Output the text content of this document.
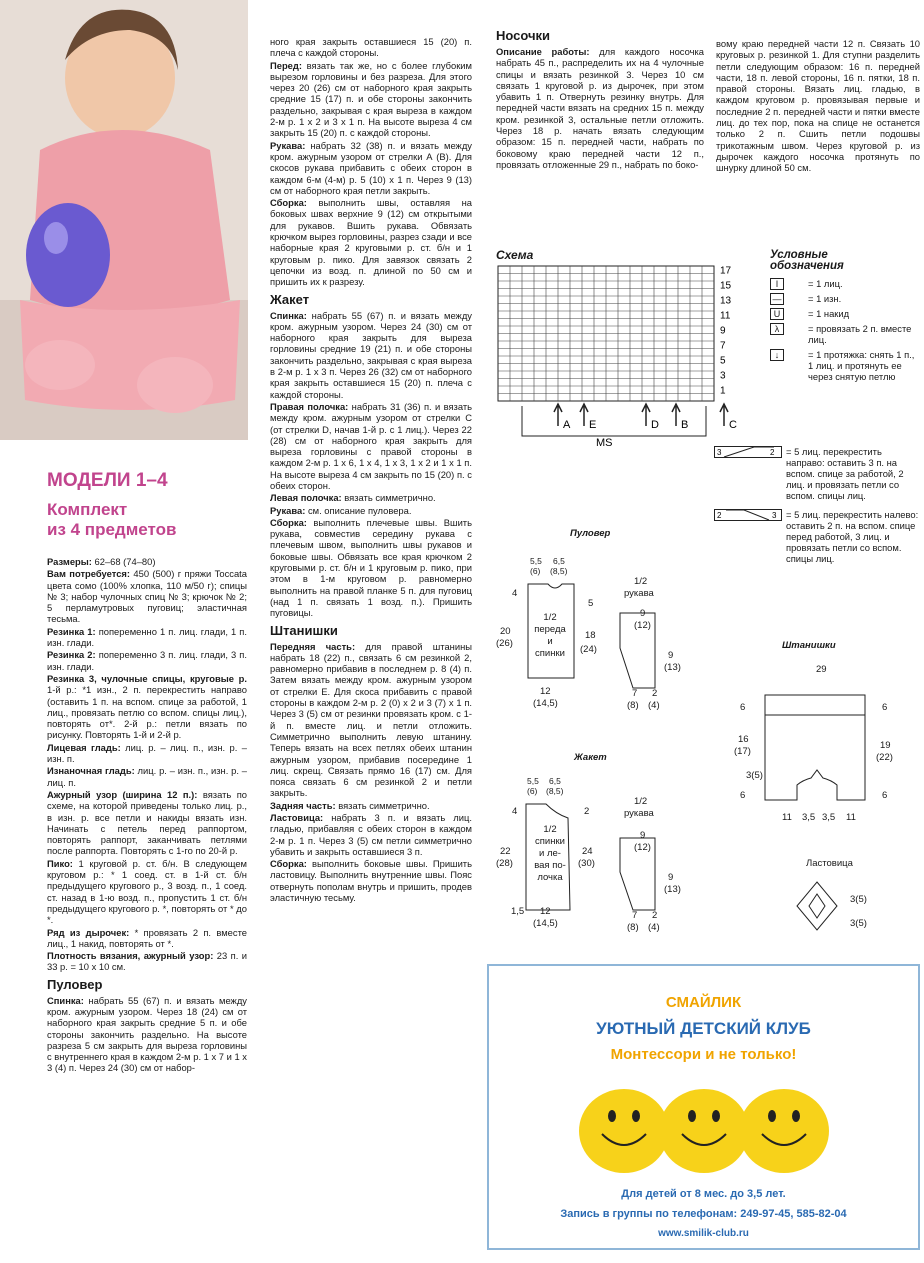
МОДЕЛИ 1–4
Комплект
из 4 предметов

Размеры: 62–68 (74–80)

Вам потребуется: 450 (500) г пряжи Toccata цвета сомо (100% хлопка, 110 м/50 г); спицы № 3; набор чулочных спиц № 3; крючок № 2; 5 перламутровых пуговиц; эластичная тесьма.

Резинка 1: попеременно 1 п. лиц. глади, 1 п. изн. глади.

Резинка 2: попеременно 3 п. лиц. глади, 3 п. изн. глади.

Резинка 3, чулочные спицы, круговые р. 1-й р.: *1 изн., 2 п. перекрестить направо (оставить 1 п. на вспом. спице за работой, 1 лиц., провязать петлю со вспом. спицы лиц.), повторять от*. 2-й р.: петли вязать по рисунку. Повторять 1-й и 2-й р.

Лицевая гладь: лиц. р. – лиц. п., изн. р. – изн. п.

Изнаночная гладь: лиц. р. – изн. п., изн. р. – лиц. п.

Ажурный узор (ширина 12 п.): вязать по схеме, на которой приведены только лиц. р., в изн. р. все петли и накиды вязать изн. Начинать с петель перед раппортом, повторять раппорт, заканчивать петлями после раппорта. Повторять с 1-го по 20-й р.

Пико: 1 круговой р. ст. б/н. В следующем круговом р.: * 1 соед. ст. в 1-й ст. б/н предыдущего кругового р., 3 возд. п., 1 соед. ст. назад в 1-ю возд. п., пропустить 1 ст. б/н предыдущего кругового р. *, повторять от * до *.

Ряд из дырочек: * провязать 2 п. вместе лиц., 1 накид, повторять от *.

Плотность вязания, ажурный узор: 23 п. и 33 р. = 10 х 10 см.

Пуловер

Спинка: набрать 55 (67) п. и вязать между кром. ажурным узором. Через 18 (24) см от наборного края закрыть средние 5 п. и обе стороны закончить раздельно. На высоте разреза 5 см закрыть для выреза горловины с внутреннего края в каждом 2-м р. 1 х 7 и 1 х 3 (4) п. Через 24 (30) см от набор-

ного края закрыть оставшиеся 15 (20) п. плеча с каждой стороны.

Перед: вязать так же, но с более глубоким вырезом горловины и без разреза. Для этого через 20 (26) см от наборного края закрыть средние 15 (17) п. и обе стороны закончить раздельно, закрывая с края выреза в каждом 2-м р. 1 х 2 и 3 х 1 п. На высоте выреза 4 см закрыть 15 (20) п. с каждой стороны.

Рукава: набрать 32 (38) п. и вязать между кром. ажурным узором от стрелки А (В). Для скосов рукава прибавить с обеих сторон в каждом 6-м (4-м) р. 5 (10) х 1 п. Через 9 (13) см от наборного края петли закрыть.

Сборка: выполнить швы, оставляя на боковых швах верхние 9 (12) см открытыми для рукавов. Вшить рукава. Обвязать крючком вырез горловины, разрез сзади и все наборные края 2 круговыми р. ст. б/н и 1 круговым р. пико. Для завязок связать 2 цепочки из возд. п. длиной по 50 см и пришить их к разрезу.

Жакет

Спинка: набрать 55 (67) п. и вязать между кром. ажурным узором. Через 24 (30) см от наборного края закрыть для выреза горловины средние 19 (21) п. и обе стороны закончить раздельно, закрывая с края выреза в 2-м р. 1 х 3 п. Через 26 (32) см от наборного края закрыть оставшиеся 15 (20) п. плеча с каждой стороны.

Правая полочка: набрать 31 (36) п. и вязать между кром. ажурным узором от стрелки С (от стрелки D, начав 1-й р. с 1 лиц.). Через 22 (28) см от наборного края закрыть для выреза горловины с правой стороны в каждом 2-м р. 1 х 6, 1 х 4, 1 х 3, 1 х 2 и 1 х 1 п. На высоте выреза 4 см закрыть по 15 (20) п. с обеих сторон.

Левая полочка: вязать симметрично.

Рукава: см. описание пуловера.

Сборка: выполнить плечевые швы. Вшить рукава, совместив середину рукава с плечевым швом, выполнить швы рукавов и боковые швы. Обвязать все края крючком 2 круговыми р. ст. б/н и 1 круговым р. пико, при этом в 1-м круговом р. равномерно выполнить на правой планке 5 п. для пуговиц (над 1 п. связать 1 возд. п.). Пришить пуговицы.

Штанишки

Передняя часть: для правой штанины набрать 18 (22) п., связать 6 см резинкой 2, равномерно прибавив в последнем р. 8 (4) п. Затем вязать между кром. ажурным узором от стрелки Е. Для скоса прибавить с правой стороны в каждом 2-м р. 2 (0) х 2 и 3 (7) х 1 п. Через 3 (5) см от резинки провязать кром. с 1-й п. вместе лиц. и петли отложить. Симметрично выполнить левую штанину. Теперь вязать на всех петлях обеих штанин ажурным узором, прибавив посередине 1 лиц. скрещ. Связать прямо 16 (17) см. Для пояса связать 6 см резинкой 2 и петли закрыть.

Задняя часть: вязать симметрично.

Ластовица: набрать 3 п. и вязать лиц. гладью, прибавляя с обеих сторон в каждом 2-м р. 1 п. Через 3 (5) см петли симметрично убавить и закрыть оставшиеся 3 п.

Сборка: выполнить боковые швы. Пришить ластовицу. Выполнить внутренние швы. Пояс отвернуть пополам внутрь и пришить, продев эластичную тесьму.

Носочки

Описание работы: для каждого носочка набрать 45 п., распределить их на 4 чулочные спицы и вязать резинкой 3. Через 10 см связать 1 круговой р. из дырочек, при этом убавить 1 п. Отвернуть резинку внутрь. Для передней части вязать на средних 15 п. между кром. резинкой 3, остальные петли отложить. Через 18 р. начать вязать следующим образом: 15 п. передней части, набрать по боковому краю передней части 12 п., провязать отложенные 29 п., набрать по боко-

вому краю передней части 12 п. Связать 10 круговых р. резинкой 1. Для ступни разделить петли следующим образом: 16 п. передней части, 18 п. левой стороны, 16 п. пятки, 18 п. правой стороны. Вязать лиц. гладью, в каждом круговом р. провязывая первые и последние 2 п. передней части и пятки вместе лиц. до тех пор, пока на спице не останется только 2 п. Сшить петли подошвы трикотажным швом. Через круговой р. из дырочек каждого носочка протянуть по шнурку длиной 50 см.

Схема
17
15
13
11
9
7
5
3
1
A E	D B	C
MS
Условные
обозначения
I	= 1 лиц.
—	= 1 изн.
U	= 1 накид
λ	= провязать 2 п. вместе лиц.
↓	= 1 протяжка: снять 1 п., 1 лиц. и протянуть ее через снятую петлю
3	2	= 5 лиц. перекрестить направо: оставить 3 п. на вспом. спице за работой, 2 лиц. и провязать петли со вспом. спицы лиц.
2	3	= 5 лиц. перекрестить налево: оставить 2 п. на вспом. спице перед работой, 3 лиц. и провязать петли со вспом. спицы лиц.
Пуловер
5,5
(6)
6,5
(8,5)
4
20
(26)
1/2
переда
и
спинки
5
18
(24)
12
(14,5)
1/2
рукава
9
(12)
9
(13)
7
(8)
2
(4)
Жакет
5,5
(6)
6,5
(8,5)
4
22
(28)
1/2
спинки
и ле-
вая по-
лочка
2
24
(30)
1,5 12
(14,5)
1/2
рукава
9
(12)
9
(13)
7
(8)
2
(4)
Штанишки
29
6
16
(17)
3(5)
6
6
19
(22)
6
11 3,5 3,5 11
Ластовица
3(5)
3(5)
СМАЙЛИК
УЮТНЫЙ ДЕТСКИЙ КЛУБ
Монтессори и не только!
Для детей от 8 мес. до 3,5 лет.
Запись в группы по телефонам: 249-97-45, 585-82-04
www.smilik-club.ru
